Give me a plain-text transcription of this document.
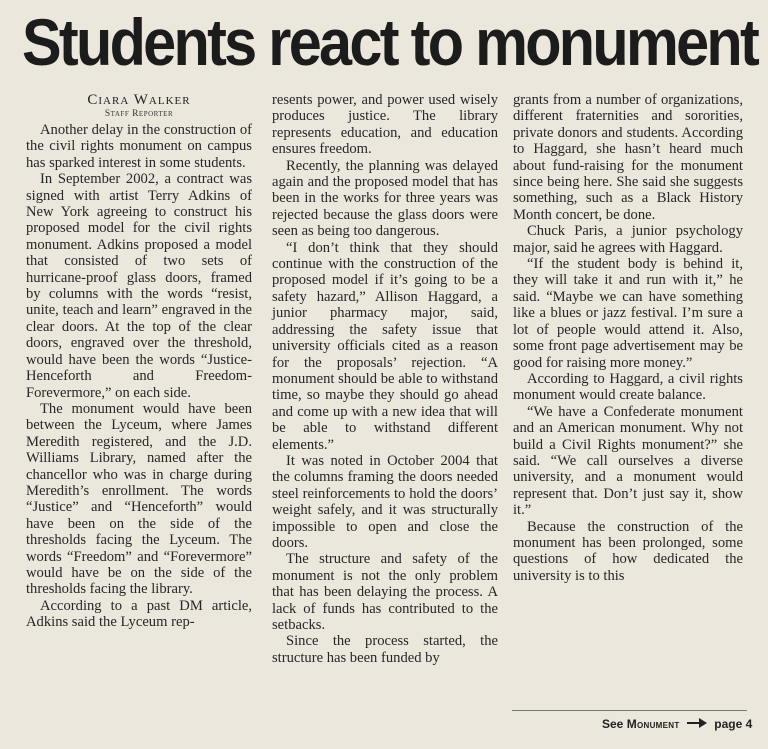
Students react to monument
Ciara Walker
Staff Reporter

Another delay in the construction of the civil rights monument on campus has sparked interest in some students.

In September 2002, a contract was signed with artist Terry Adkins of New York agreeing to construct his proposed model for the civil rights monument. Adkins proposed a model that consisted of two sets of hurricane-proof glass doors, framed by columns with the words “resist, unite, teach and learn” engraved in the clear doors. At the top of the clear doors, engraved over the threshold, would have been the words “Justice-Henceforth and Freedom-Forevermore,” on each side.

The monument would have been between the Lyceum, where James Meredith registered, and the J.D. Williams Library, named after the chancellor who was in charge during Meredith’s enrollment. The words “Justice” and “Henceforth” would have been on the side of the thresholds facing the Lyceum. The words “Freedom” and “Forevermore” would have be on the side of the thresholds facing the library.

According to a past DM article, Adkins said the Lyceum rep-

resents power, and power used wisely produces justice. The library represents education, and education ensures freedom.

Recently, the planning was delayed again and the proposed model that has been in the works for three years was rejected because the glass doors were seen as being too dangerous.

“I don’t think that they should continue with the construction of the proposed model if it’s going to be a safety hazard,” Allison Haggard, a junior pharmacy major, said, addressing the safety issue that university officials cited as a reason for the proposals’ rejection. “A monument should be able to withstand time, so maybe they should go ahead and come up with a new idea that will be able to withstand different elements.”

It was noted in October 2004 that the columns framing the doors needed steel reinforcements to hold the doors’ weight safely, and it was structurally impossible to open and close the doors.

The structure and safety of the monument is not the only problem that has been delaying the process. A lack of funds has contributed to the setbacks.

Since the process started, the structure has been funded by

grants from a number of organizations, different fraternities and sororities, private donors and students. According to Haggard, she hasn’t heard much about fund-raising for the monument since being here. She said she suggests something, such as a Black History Month concert, be done.

Chuck Paris, a junior psychology major, said he agrees with Haggard.

“If the student body is behind it, they will take it and run with it,” he said. “Maybe we can have something like a blues or jazz festival. I’m sure a lot of people would attend it. Also, some front page advertisement may be good for raising more money.”

According to Haggard, a civil rights monument would create balance.

“We have a Confederate monument and an American monument. Why not build a Civil Rights monument?” she said. “We call ourselves a diverse university, and a monument would represent that. Don’t just say it, show it.”

Because the construction of the monument has been prolonged, some questions of how dedicated the university is to this

See Monument	page 4
